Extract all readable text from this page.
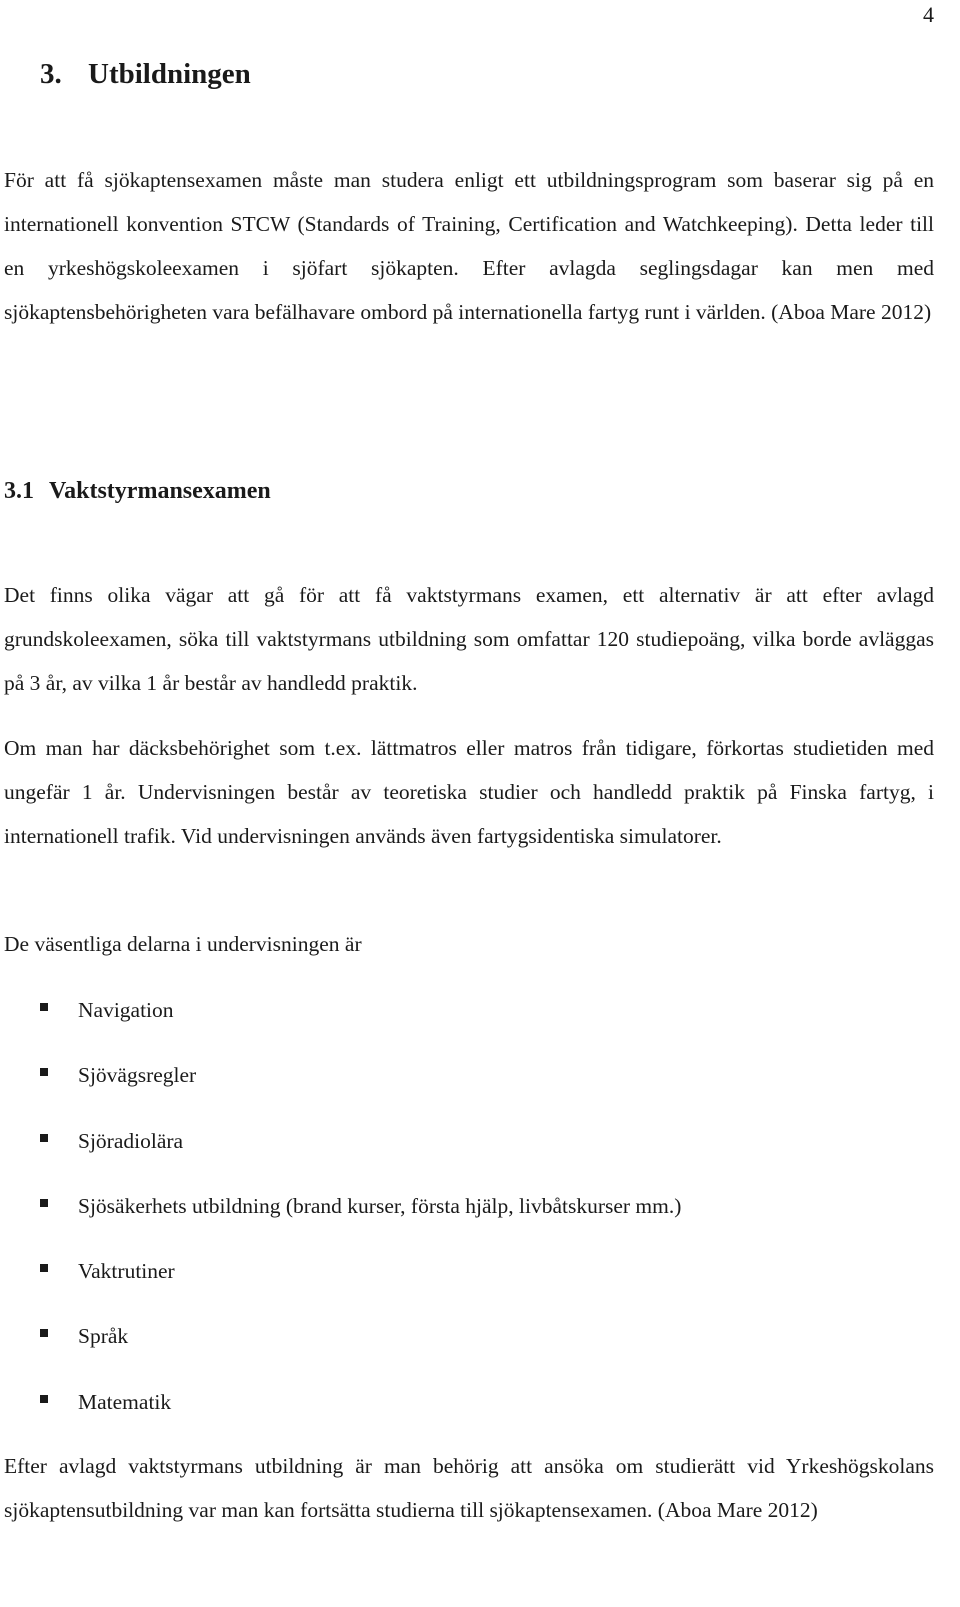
4
3. Utbildningen
För att få sjökaptensexamen måste man studera enligt ett utbildningsprogram som baserar sig på en internationell konvention STCW (Standards of Training, Certification and Watchkeeping). Detta leder till en yrkeshögskoleexamen i sjöfart sjökapten. Efter avlagda seglingsdagar kan men med sjökaptensbehörigheten vara befälhavare ombord på internationella fartyg runt i världen. (Aboa Mare 2012)
3.1 Vaktstyrmansexamen
Det finns olika vägar att gå för att få vaktstyrmans examen, ett alternativ är att efter avlagd grundskoleexamen, söka till vaktstyrmans utbildning som omfattar 120 studiepoäng, vilka borde avläggas på 3 år, av vilka 1 år består av handledd praktik.
Om man har däcksbehörighet som t.ex. lättmatros eller matros från tidigare, förkortas studietiden med ungefär 1 år. Undervisningen består av teoretiska studier och handledd praktik på Finska fartyg, i internationell trafik. Vid undervisningen används även fartygsidentiska simulatorer.
De väsentliga delarna i undervisningen är
Navigation
Sjövägsregler
Sjöradiolära
Sjösäkerhets utbildning (brand kurser, första hjälp, livbåtskurser mm.)
Vaktrutiner
Språk
Matematik
Efter avlagd vaktstyrmans utbildning är man behörig att ansöka om studierätt vid Yrkeshögskolans sjökaptensutbildning var man kan fortsätta studierna till sjökaptensexamen. (Aboa Mare 2012)
